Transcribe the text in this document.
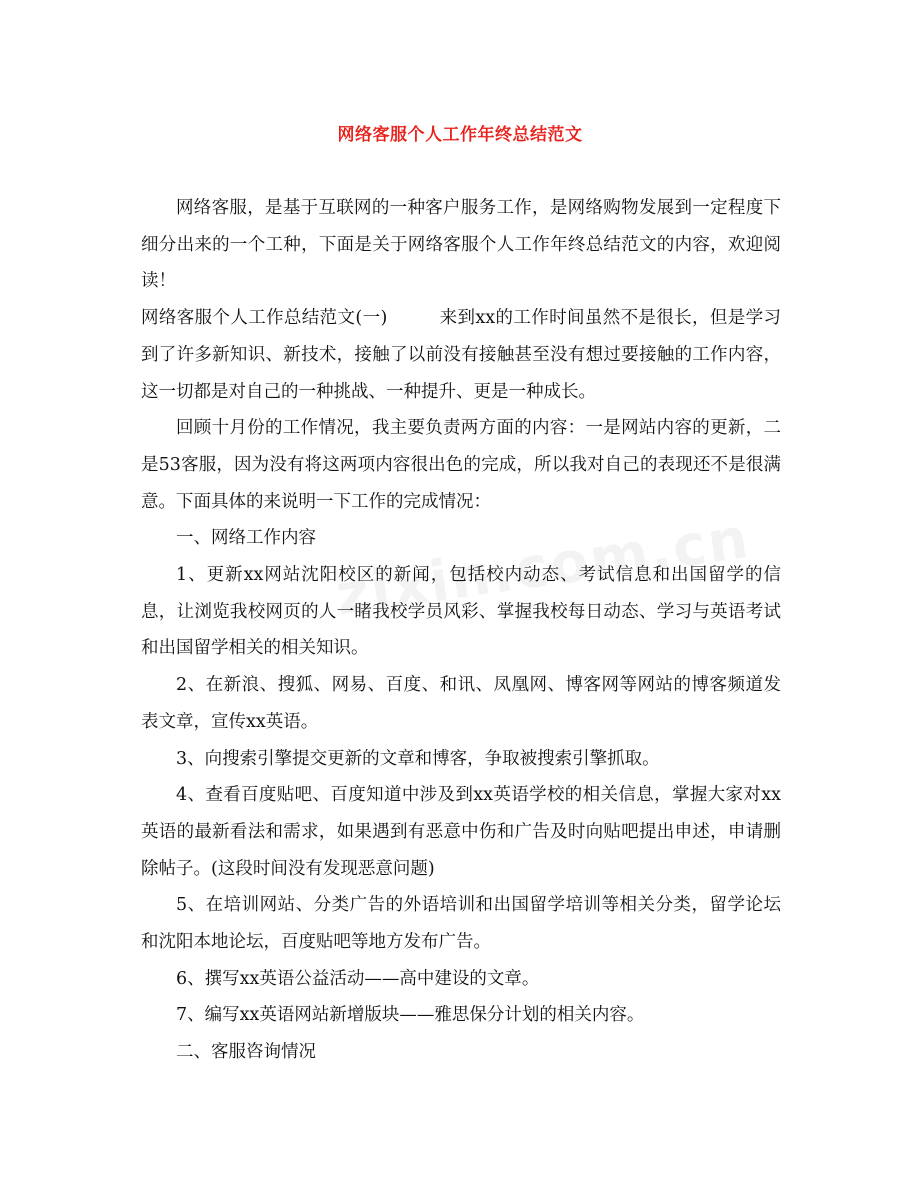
网络客服个人工作年终总结范文

网络客服，是基于互联网的一种客户服务工作，是网络购物发展到一定程度下细分出来的一个工种，下面是关于网络客服个人工作年终总结范文的内容，欢迎阅读！

网络客服个人工作总结范文(一)	来到xx的工作时间虽然不是很长，但是学习到了许多新知识、新技术，接触了以前没有接触甚至没有想过要接触的工作内容，这一切都是对自己的一种挑战、一种提升、更是一种成长。

回顾十月份的工作情况，我主要负责两方面的内容：一是网站内容的更新，二是53客服，因为没有将这两项内容很出色的完成，所以我对自己的表现还不是很满意。下面具体的来说明一下工作的完成情况：

一、网络工作内容

1、更新xx网站沈阳校区的新闻，包括校内动态、考试信息和出国留学的信息，让浏览我校网页的人一睹我校学员风彩、掌握我校每日动态、学习与英语考试和出国留学相关的相关知识。

2、在新浪、搜狐、网易、百度、和讯、凤凰网、博客网等网站的博客频道发表文章，宣传xx英语。

3、向搜索引擎提交更新的文章和博客，争取被搜索引擎抓取。

4、查看百度贴吧、百度知道中涉及到xx英语学校的相关信息，掌握大家对xx英语的最新看法和需求，如果遇到有恶意中伤和广告及时向贴吧提出申述，申请删除帖子。(这段时间没有发现恶意问题)

5、在培训网站、分类广告的外语培训和出国留学培训等相关分类，留学论坛和沈阳本地论坛，百度贴吧等地方发布广告。

6、撰写xx英语公益活动——高中建设的文章。

7、编写xx英语网站新增版块——雅思保分计划的相关内容。

二、客服咨询情况
